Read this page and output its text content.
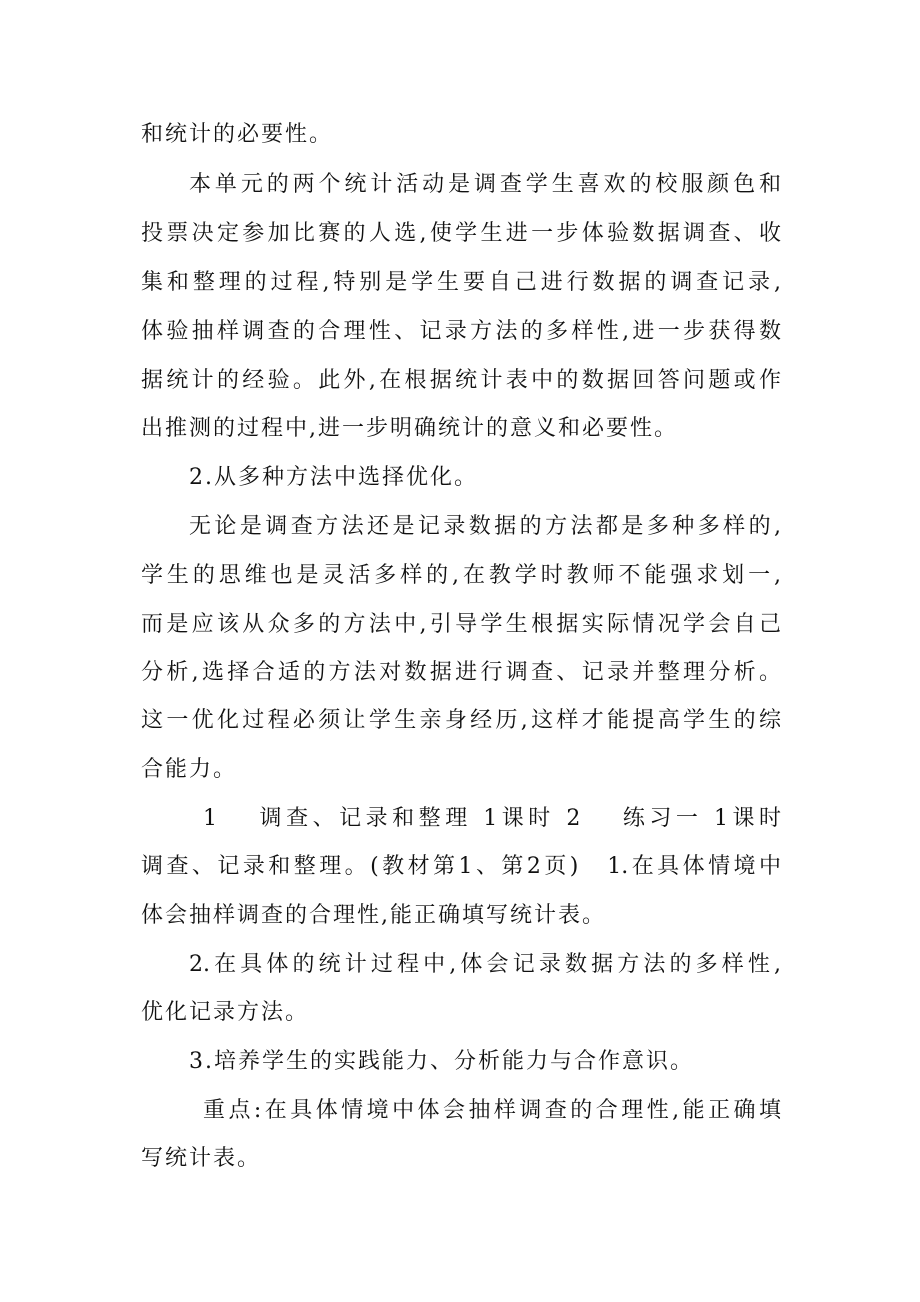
和统计的必要性。
本单元的两个统计活动是调查学生喜欢的校服颜色和
投票决定参加比赛的人选,使学生进一步体验数据调查、收
集和整理的过程,特别是学生要自己进行数据的调查记录,
体验抽样调查的合理性、记录方法的多样性,进一步获得数
据统计的经验。此外,在根据统计表中的数据回答问题或作
出推测的过程中,进一步明确统计的意义和必要性。
2.从多种方法中选择优化。
无论是调查方法还是记录数据的方法都是多种多样的,
学生的思维也是灵活多样的,在教学时教师不能强求划一,
而是应该从众多的方法中,引导学生根据实际情况学会自己
分析,选择合适的方法对数据进行调查、记录并整理分析。
这一优化过程必须让学生亲身经历,这样才能提高学生的综
合能力。
1　 调查、记录和整理 1课时 2　 练习一 1课时
调查、记录和整理。(教材第1、第2页)　1.在具体情境中
体会抽样调查的合理性,能正确填写统计表。
2.在具体的统计过程中,体会记录数据方法的多样性,
优化记录方法。
3.培养学生的实践能力、分析能力与合作意识。
重点:在具体情境中体会抽样调查的合理性,能正确填
写统计表。
